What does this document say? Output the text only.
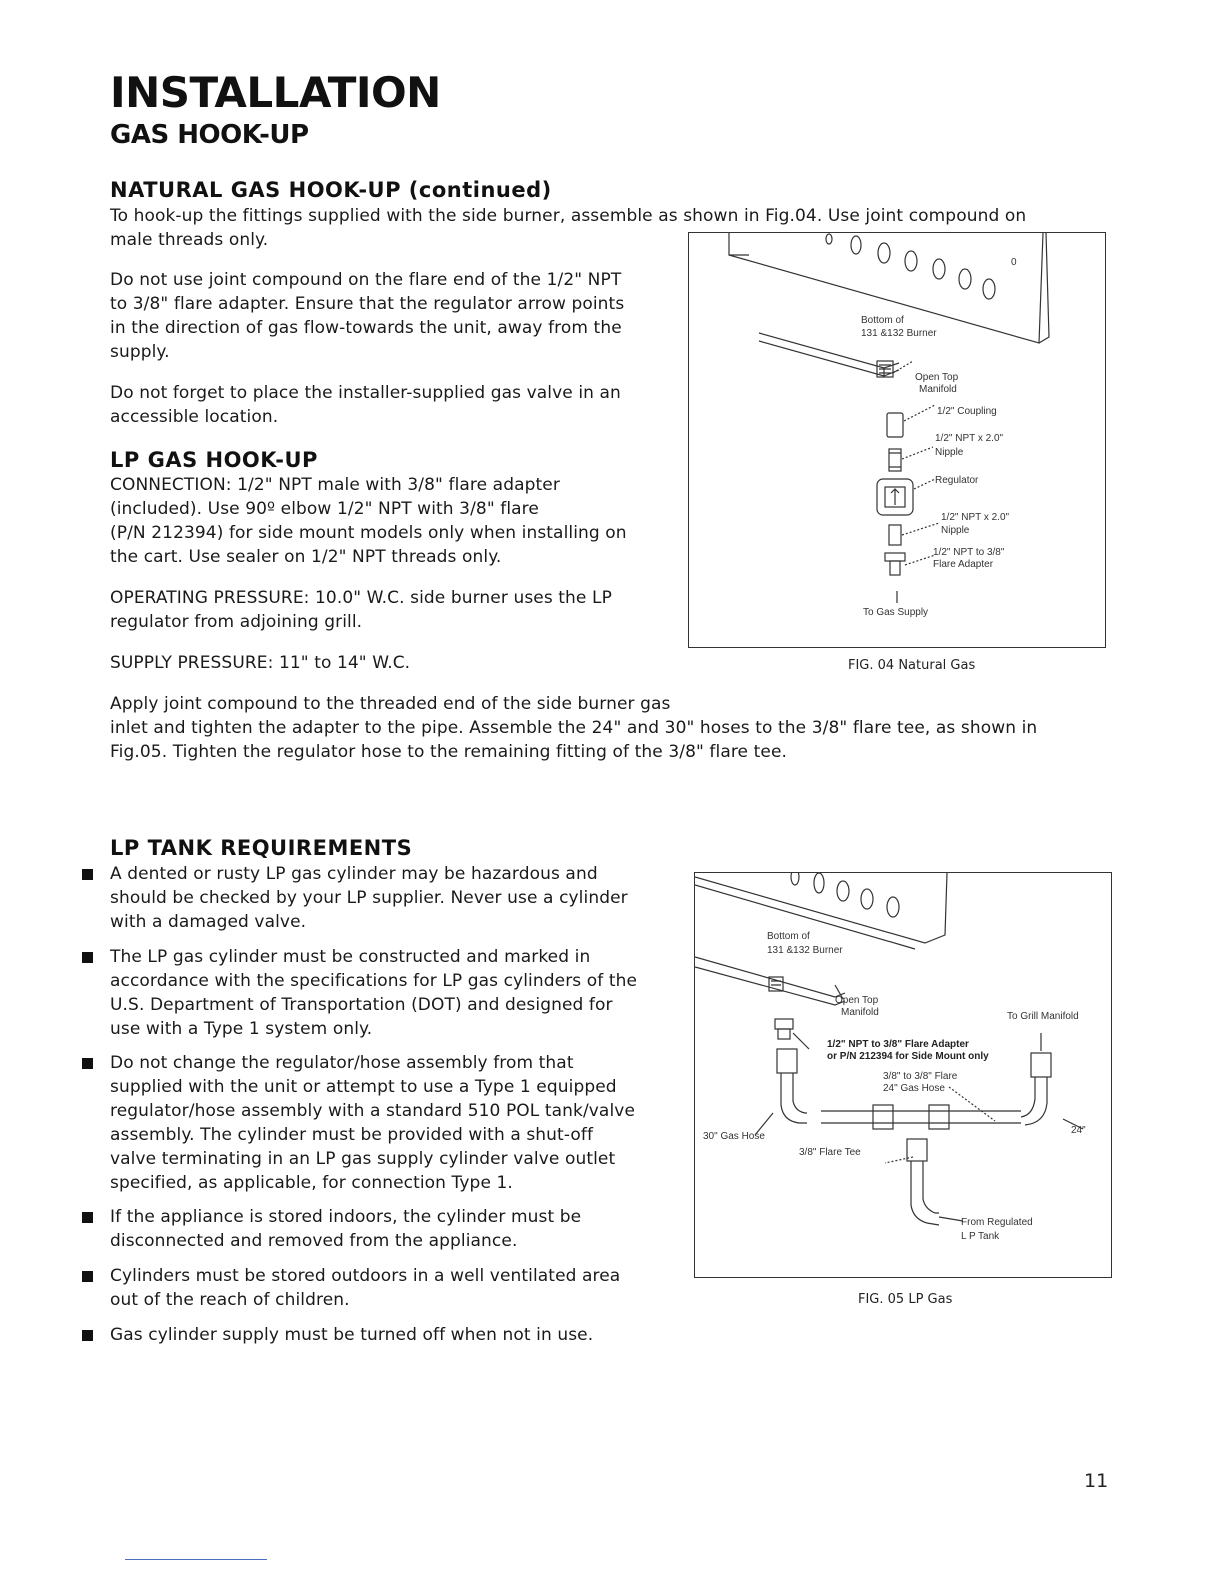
INSTALLATION
GAS HOOK-UP
NATURAL GAS HOOK-UP (continued)

To hook-up the fittings supplied with the side burner, assemble as shown in Fig.04. Use joint compound on

male threads only.

Do not use joint compound on the flare end of the 1/2" NPT

to 3/8" flare adapter. Ensure that the regulator arrow points

in the direction of gas flow-towards the unit, away from the

supply.

Do not forget to place the installer-supplied gas valve in an

accessible location.

LP GAS HOOK-UP

CONNECTION: 1/2" NPT male with 3/8" flare adapter

(included). Use 90º elbow 1/2" NPT with 3/8" flare

(P/N 212394) for side mount models only when installing on

the cart. Use sealer on 1/2" NPT threads only.

OPERATING PRESSURE: 10.0" W.C. side burner uses the LP

regulator from adjoining grill.

SUPPLY PRESSURE: 11" to 14" W.C.

Apply joint compound to the threaded end of the side burner gas

inlet and tighten the adapter to the pipe. Assemble the 24" and 30" hoses to the 3/8" flare tee, as shown in

Fig.05. Tighten the regulator hose to the remaining fitting of the 3/8" flare tee.

LP TANK REQUIREMENTS

A dented or rusty LP gas cylinder may be hazardous and

should be checked by your LP supplier. Never use a cylinder

with a damaged valve.

The LP gas cylinder must be constructed and marked in

accordance with the specifications for LP gas cylinders of the

U.S. Department of Transportation (DOT) and designed for

use with a Type 1 system only.

Do not change the regulator/hose assembly from that

supplied with the unit or attempt to use a Type 1 equipped

regulator/hose assembly with a standard 510 POL tank/valve

assembly. The cylinder must be provided with a shut-off

valve terminating in an LP gas supply cylinder valve outlet

specified, as applicable, for connection Type 1.

If the appliance is stored indoors, the cylinder must be

disconnected and removed from the appliance.

Cylinders must be stored outdoors in a well ventilated area

out of the reach of children.

Gas cylinder supply must be turned off when not in use.

0
Bottom of
131 &132 Burner
Open Top
Manifold
1/2" Coupling
1/2" NPT x 2.0"
Nipple
Regulator
1/2" NPT x 2.0"
Nipple
1/2" NPT to 3/8"
Flare Adapter
To Gas Supply
FIG. 04 Natural Gas
Bottom of
131 &132 Burner
Open Top
Manifold	To Grill Manifold
1/2" NPT to 3/8" Flare Adapter
or P/N 212394 for Side Mount only
3/8" to 3/8" Flare
24" Gas Hose
30" Gas Hose
24"
3/8" Flare Tee
From Regulated
L P Tank
FIG. 05 LP Gas
11
